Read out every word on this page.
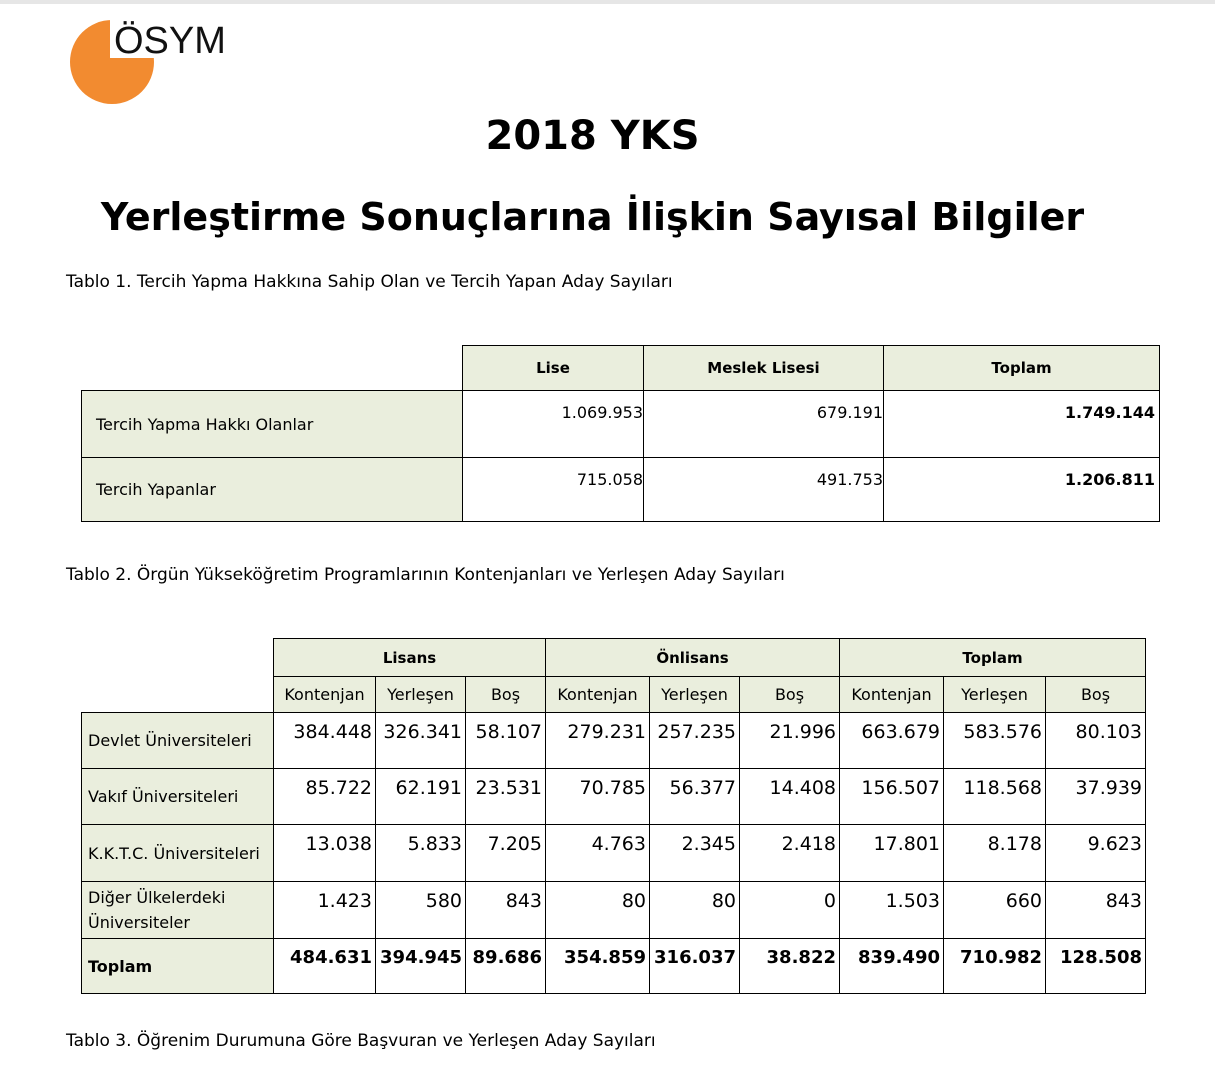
ÖSYM
2018 YKS
Yerleştirme Sonuçlarına İlişkin Sayısal Bilgiler
Tablo 1. Tercih Yapma Hakkına Sahip Olan ve Tercih Yapan Aday Sayıları
	Lise	Meslek Lisesi	Toplam
Tercih Yapma Hakkı Olanlar	1.069.953	679.191	1.749.144
Tercih Yapanlar	715.058	491.753	1.206.811
Tablo 2. Örgün Yükseköğretim Programlarının Kontenjanları ve Yerleşen Aday Sayıları
	Lisans			Önlisans			Toplam		
	Kontenjan	Yerleşen	Boş	Kontenjan	Yerleşen	Boş	Kontenjan	Yerleşen	Boş
Devlet Üniversiteleri	384.448	326.341	58.107	279.231	257.235	21.996	663.679	583.576	80.103
Vakıf Üniversiteleri	85.722	62.191	23.531	70.785	56.377	14.408	156.507	118.568	37.939
K.K.T.C. Üniversiteleri	13.038	5.833	7.205	4.763	2.345	2.418	17.801	8.178	9.623
Diğer Ülkelerdeki Üniversiteler	1.423	580	843	80	80	0	1.503	660	843
Toplam	484.631	394.945	89.686	354.859	316.037	38.822	839.490	710.982	128.508
Tablo 3. Öğrenim Durumuna Göre Başvuran ve Yerleşen Aday Sayıları
